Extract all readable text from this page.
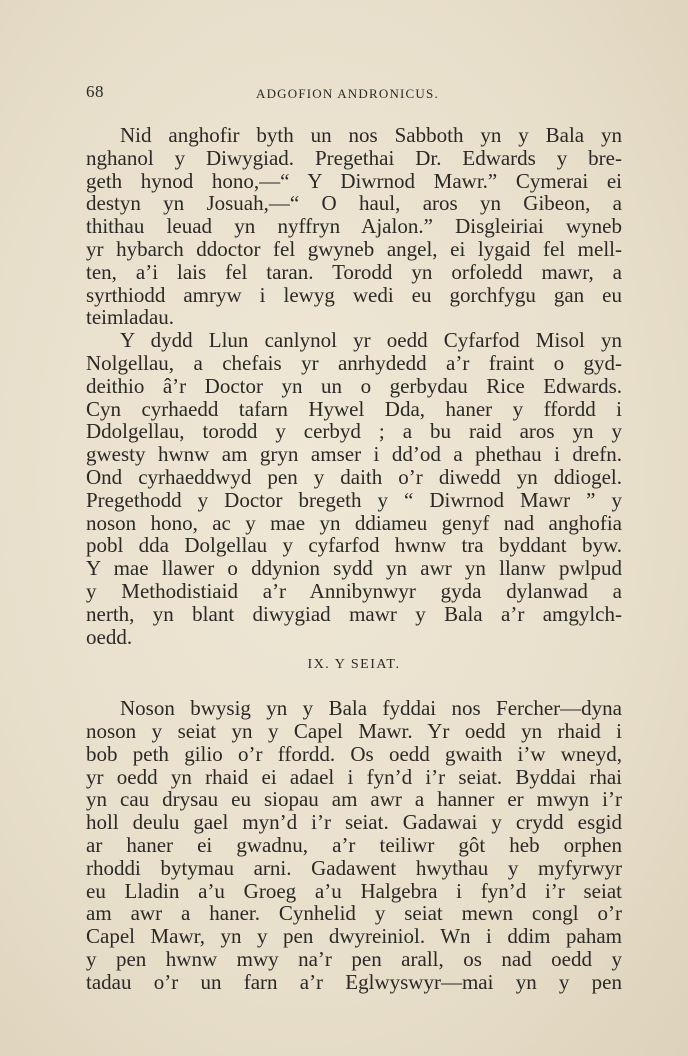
68	ADGOFION ANDRONICUS.
Nid anghofir byth un nos Sabboth yn y Bala yn
nghanol y Diwygiad. Pregethai Dr. Edwards y bre-
geth hynod hono,—“ Y Diwrnod Mawr.” Cymerai ei
destyn yn Josuah,—“ O haul, aros yn Gibeon, a
thithau leuad yn nyffryn Ajalon.” Disgleiriai wyneb
yr hybarch ddoctor fel gwyneb angel, ei lygaid fel mell-
ten, a’i lais fel taran. Torodd yn orfoledd mawr, a
syrthiodd amryw i lewyg wedi eu gorchfygu gan eu
teimladau.
Y dydd Llun canlynol yr oedd Cyfarfod Misol yn
Nolgellau, a chefais yr anrhydedd a’r fraint o gyd-
deithio â’r Doctor yn un o gerbydau Rice Edwards.
Cyn cyrhaedd tafarn Hywel Dda, haner y ffordd i
Ddolgellau, torodd y cerbyd ; a bu raid aros yn y
gwesty hwnw am gryn amser i dd’od a phethau i drefn.
Ond cyrhaeddwyd pen y daith o’r diwedd yn ddiogel.
Pregethodd y Doctor bregeth y “ Diwrnod Mawr ” y
noson hono, ac y mae yn ddiameu genyf nad anghofia
pobl dda Dolgellau y cyfarfod hwnw tra byddant byw.
Y mae llawer o ddynion sydd yn awr yn llanw pwlpud
y Methodistiaid a’r Annibynwyr gyda dylanwad a
nerth, yn blant diwygiad mawr y Bala a’r amgylch-
oedd.
IX. Y SEIAT.
Noson bwysig yn y Bala fyddai nos Fercher—dyna
noson y seiat yn y Capel Mawr. Yr oedd yn rhaid i
bob peth gilio o’r ffordd. Os oedd gwaith i’w wneyd,
yr oedd yn rhaid ei adael i fyn’d i’r seiat. Byddai rhai
yn cau drysau eu siopau am awr a hanner er mwyn i’r
holl deulu gael myn’d i’r seiat. Gadawai y crydd esgid
ar haner ei gwadnu, a’r teiliwr gôt heb orphen
rhoddi bytymau arni. Gadawent hwythau y myfyrwyr
eu Lladin a’u Groeg a’u Halgebra i fyn’d i’r seiat
am awr a haner. Cynhelid y seiat mewn congl o’r
Capel Mawr, yn y pen dwyreiniol. Wn i ddim paham
y pen hwnw mwy na’r pen arall, os nad oedd y
tadau o’r un farn a’r Eglwyswyr—mai yn y pen
